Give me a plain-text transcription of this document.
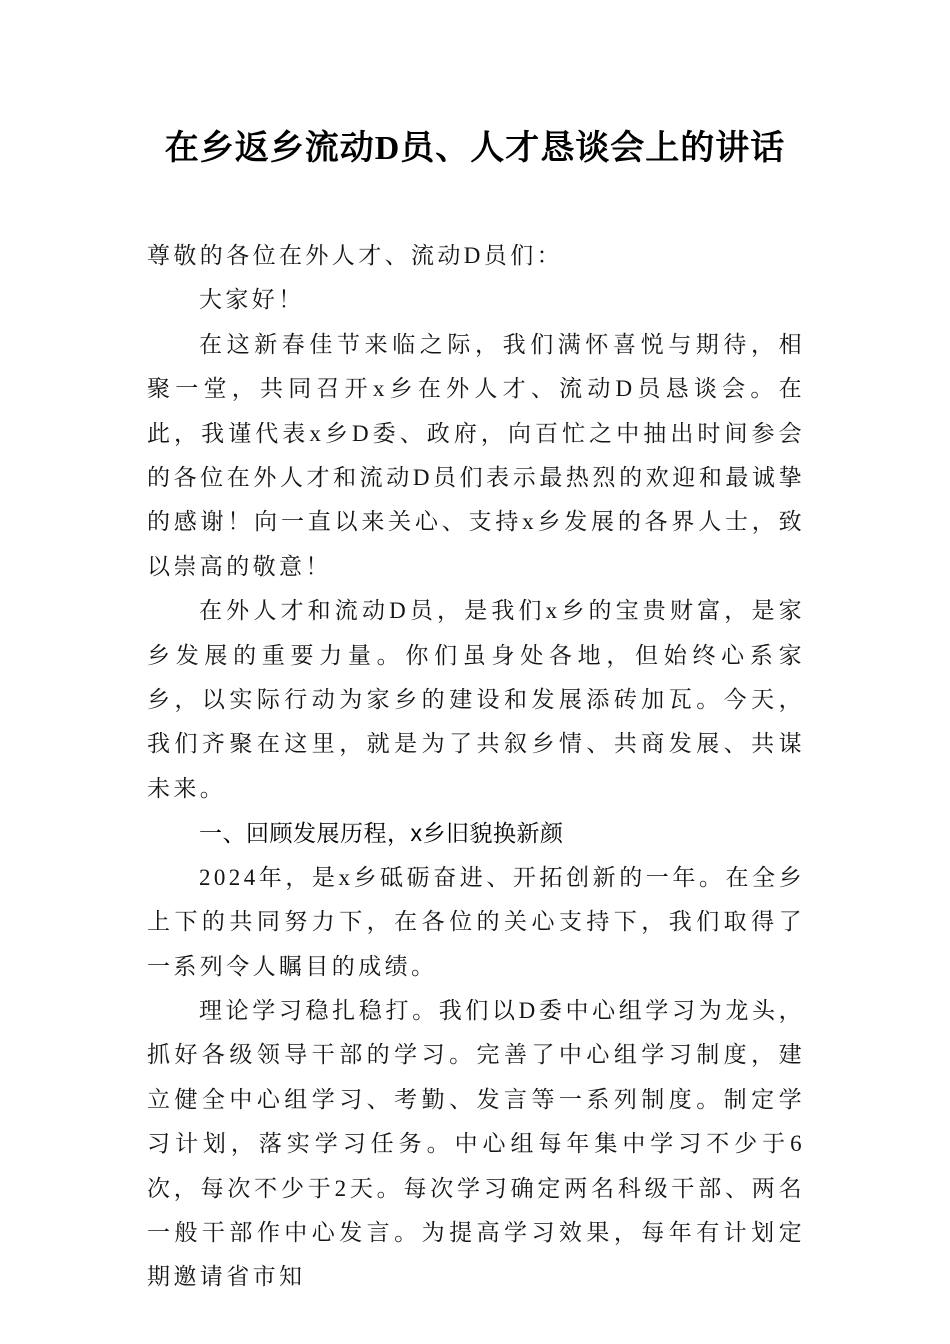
在乡返乡流动D员、人才恳谈会上的讲话

尊敬的各位在外人才、流动D员们：

大家好！

在这新春佳节来临之际，我们满怀喜悦与期待，相聚一堂，共同召开x乡在外人才、流动D员恳谈会。在此，我谨代表x乡D委、政府，向百忙之中抽出时间参会的各位在外人才和流动D员们表示最热烈的欢迎和最诚挚的感谢！向一直以来关心、支持x乡发展的各界人士，致以崇高的敬意！

在外人才和流动D员，是我们x乡的宝贵财富，是家乡发展的重要力量。你们虽身处各地，但始终心系家乡，以实际行动为家乡的建设和发展添砖加瓦。今天，我们齐聚在这里，就是为了共叙乡情、共商发展、共谋未来。

一、回顾发展历程，x乡旧貌换新颜

2024年，是x乡砥砺奋进、开拓创新的一年。在全乡上下的共同努力下，在各位的关心支持下，我们取得了一系列令人瞩目的成绩。

理论学习稳扎稳打。我们以D委中心组学习为龙头，抓好各级领导干部的学习。完善了中心组学习制度，建立健全中心组学习、考勤、发言等一系列制度。制定学习计划，落实学习任务。中心组每年集中学习不少于6次，每次不少于2天。每次学习确定两名科级干部、两名一般干部作中心发言。为提高学习效果，每年有计划定期邀请省市知
